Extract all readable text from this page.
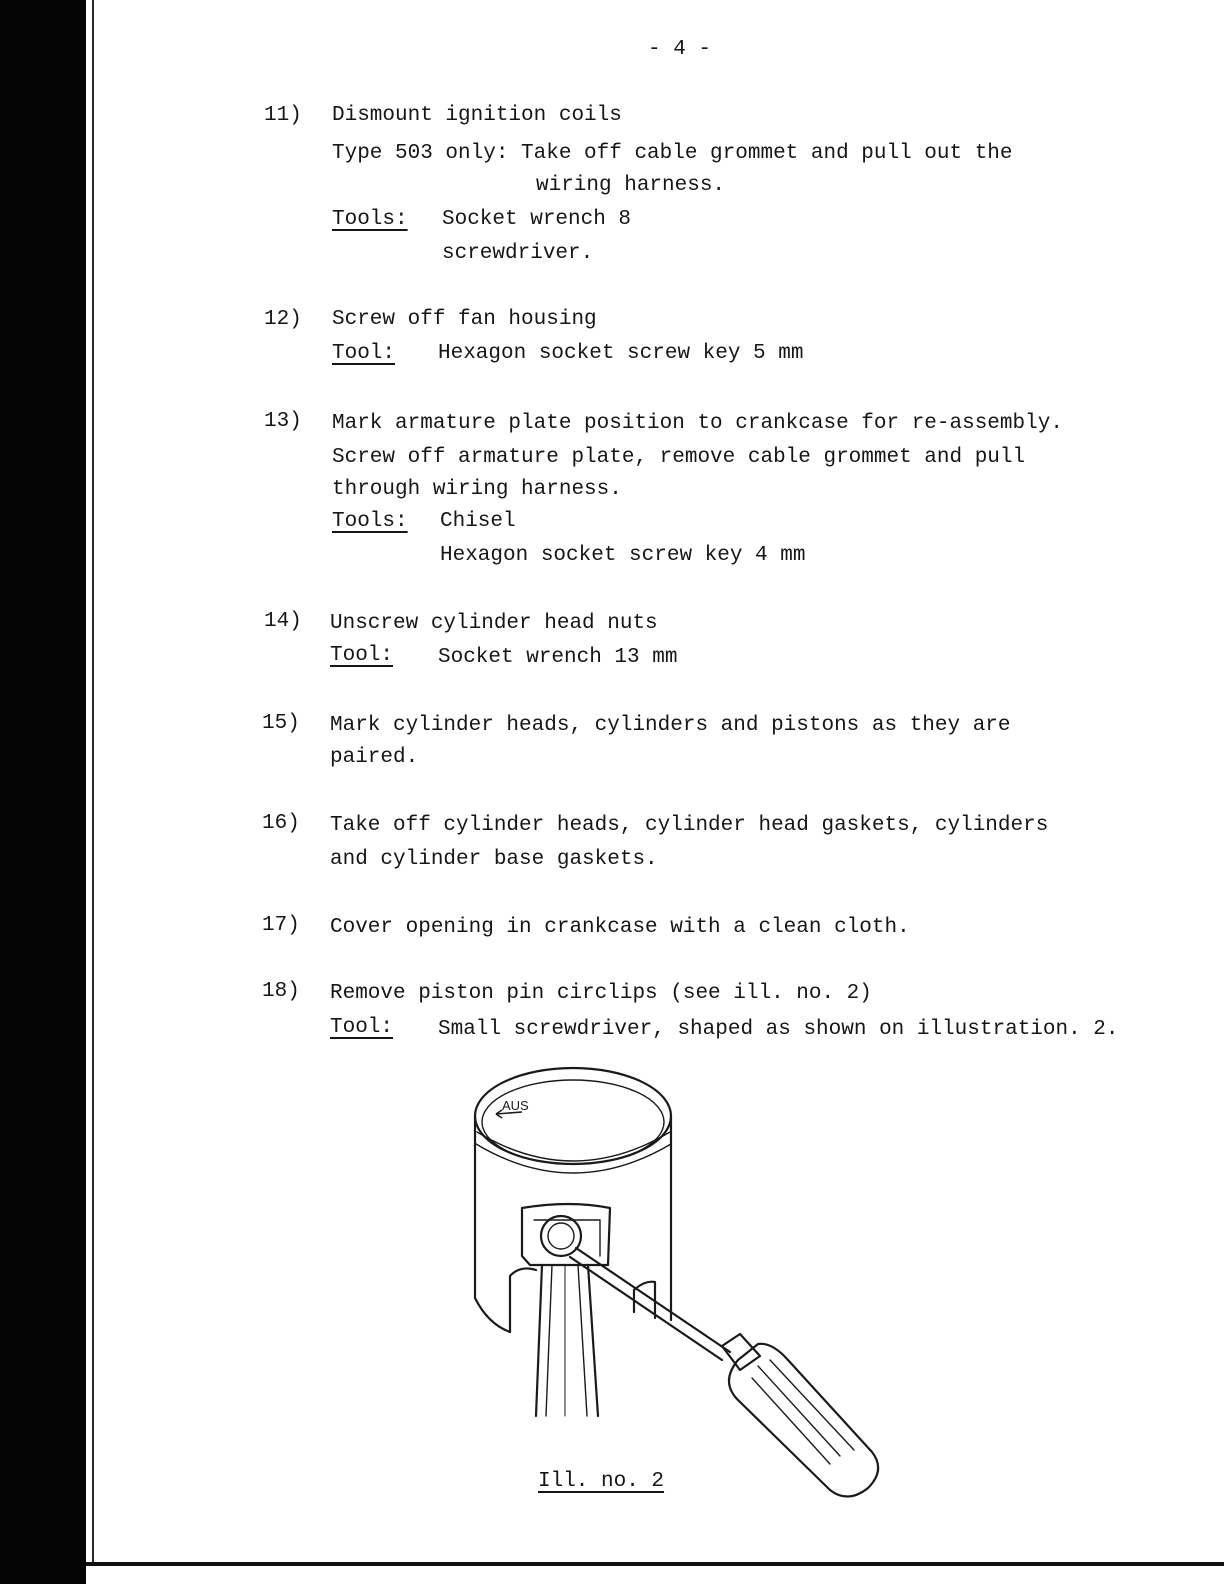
- 4 -
11) Dismount ignition coils
Type 503 only: Take off cable grommet and pull out the
wiring harness.
Tools: Socket wrench 8
screwdriver.
12) Screw off fan housing
Tool: Hexagon socket screw key 5 mm
13) Mark armature plate position to crankcase for re-assembly.
Screw off armature plate, remove cable grommet and pull
through wiring harness.
Tools: Chisel
Hexagon socket screw key 4 mm
14) Unscrew cylinder head nuts
Tool: Socket wrench 13 mm
15) Mark cylinder heads, cylinders and pistons as they are
paired.
16) Take off cylinder heads, cylinder head gaskets, cylinders
and cylinder base gaskets.
17) Cover opening in crankcase with a clean cloth.
18) Remove piston pin circlips (see ill. no. 2)
Tool: Small screwdriver, shaped as shown on illustration. 2.
AUS
Ill. no. 2
